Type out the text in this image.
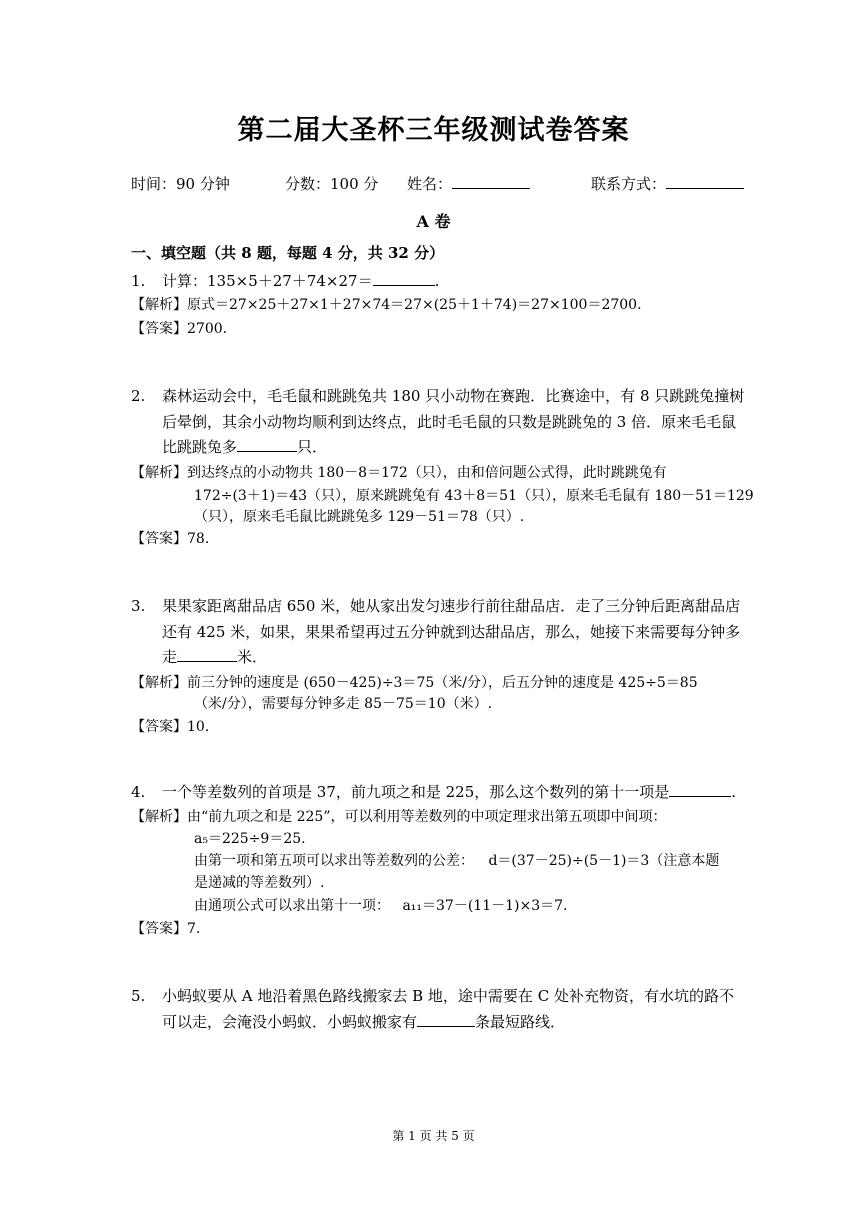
第二届大圣杯三年级测试卷答案
时间：90 分钟	分数：100 分 姓名：	联系方式：
A 卷
一、填空题（共 8 题，每题 4 分，共 32 分）
1. 计算：135×5＋27＋74×27＝	.
【解析】原式＝27×25＋27×1＋27×74＝27×(25＋1＋74)＝27×100＝2700.
【答案】2700.
2. 森林运动会中，毛毛鼠和跳跳兔共 180 只小动物在赛跑．比赛途中，有 8 只跳跳兔撞树
后晕倒，其余小动物均顺利到达终点，此时毛毛鼠的只数是跳跳兔的 3 倍．原来毛毛鼠
比跳跳兔多	只．
【解析】到达终点的小动物共 180－8＝172（只），由和倍问题公式得，此时跳跳兔有
172÷(3＋1)＝43（只），原来跳跳兔有 43＋8＝51（只），原来毛毛鼠有 180－51＝129
（只），原来毛毛鼠比跳跳兔多 129－51＝78（只）.
【答案】78.
3. 果果家距离甜品店 650 米，她从家出发匀速步行前往甜品店．走了三分钟后距离甜品店
还有 425 米，如果，果果希望再过五分钟就到达甜品店，那么，她接下来需要每分钟多
走	米．
【解析】前三分钟的速度是 (650－425)÷3＝75（米/分），后五分钟的速度是 425÷5＝85
（米/分），需要每分钟多走 85－75＝10（米）.
【答案】10.
4. 一个等差数列的首项是 37，前九项之和是 225，那么这个数列的第十一项是	.
【解析】由“前九项之和是 225”，可以利用等差数列的中项定理求出第五项即中间项：
a₅＝225÷9＝25.
由第一项和第五项可以求出等差数列的公差： d＝(37－25)÷(5－1)＝3（注意本题
是递减的等差数列）.
由通项公式可以求出第十一项： a₁₁＝37－(11－1)×3＝7.
【答案】7.
5. 小蚂蚁要从 A 地沿着黑色路线搬家去 B 地，途中需要在 C 处补充物资，有水坑的路不
可以走，会淹没小蚂蚁．小蚂蚁搬家有	条最短路线．
第 1 页 共 5 页
